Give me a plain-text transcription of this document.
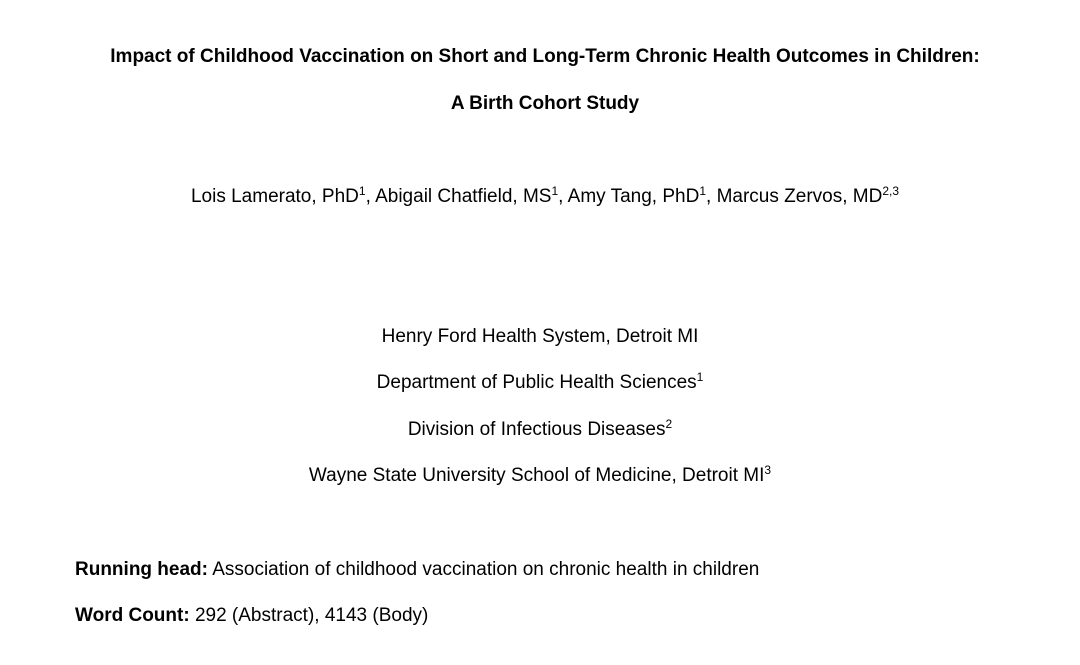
Impact of Childhood Vaccination on Short and Long-Term Chronic Health Outcomes in Children:
A Birth Cohort Study
Lois Lamerato, PhD$^1$, Abigail Chatfield, $MS^1$, Amy Tang, PhD$^1$, Marcus Zervos, MD$^{2,3}$
Henry Ford Health System, Detroit MI
Department of Public Health Sciences$^1$
Division of Infectious Diseases$^2$
Wayne State University School of Medicine, Detroit $MI^3$
Running head: Association of childhood vaccination on chronic health in children
Word Count: 292 (Abstract), 4143 (Body)
